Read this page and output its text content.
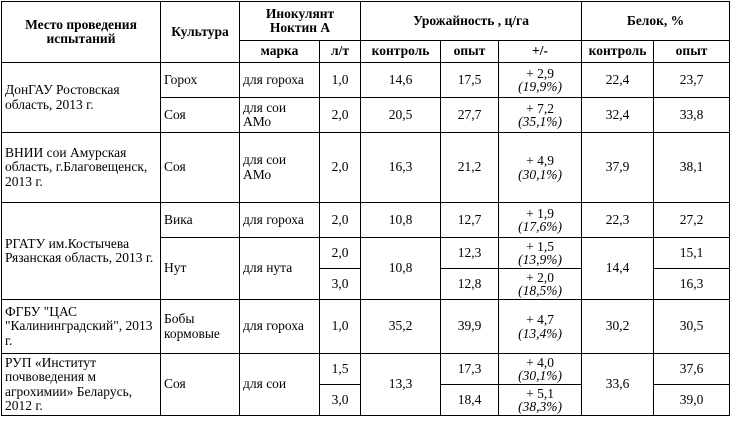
Место проведения испытаний	Культура	Инокулянт Ноктин А		Урожайность , ц/га			Белок, %	
		марка	л/т	контроль	опыт	+/-	контроль	опыт
ДонГАУ Ростовская область, 2013 г.	Горох	для гороха	1,0	14,6	17,5	+ 2,9
(19,9%)	22,4	23,7
	Соя	для сои АМо	2,0	20,5	27,7	+ 7,2
(35,1%)	32,4	33,8
ВНИИ сои Амурская область, г.Благовещенск, 2013 г.	Соя	для сои АМо	2,0	16,3	21,2	+ 4,9
(30,1%)	37,9	38,1
РГАТУ им.Костычева Рязанская область, 2013 г.	Вика	для гороха	2,0	10,8	12,7	+ 1,9
(17,6%)	22,3	27,2
	Нут	для нута	2,0	10,8	12,3	+ 1,5
(13,9%)	14,4	15,1
			3,0		12,8	+ 2,0
(18,5%)		16,3
ФГБУ "ЦАС "Калининградский", 2013 г.	Бобы кормовые	для гороха	1,0	35,2	39,9	+ 4,7
(13,4%)	30,2	30,5
РУП «Институт почвоведения м агрохимии» Беларусь, 2012 г.	Соя	для сои	1,5	13,3	17,3	+ 4,0
(30,1%)	33,6	37,6
			3,0		18,4	+ 5,1
(38,3%)		39,0
